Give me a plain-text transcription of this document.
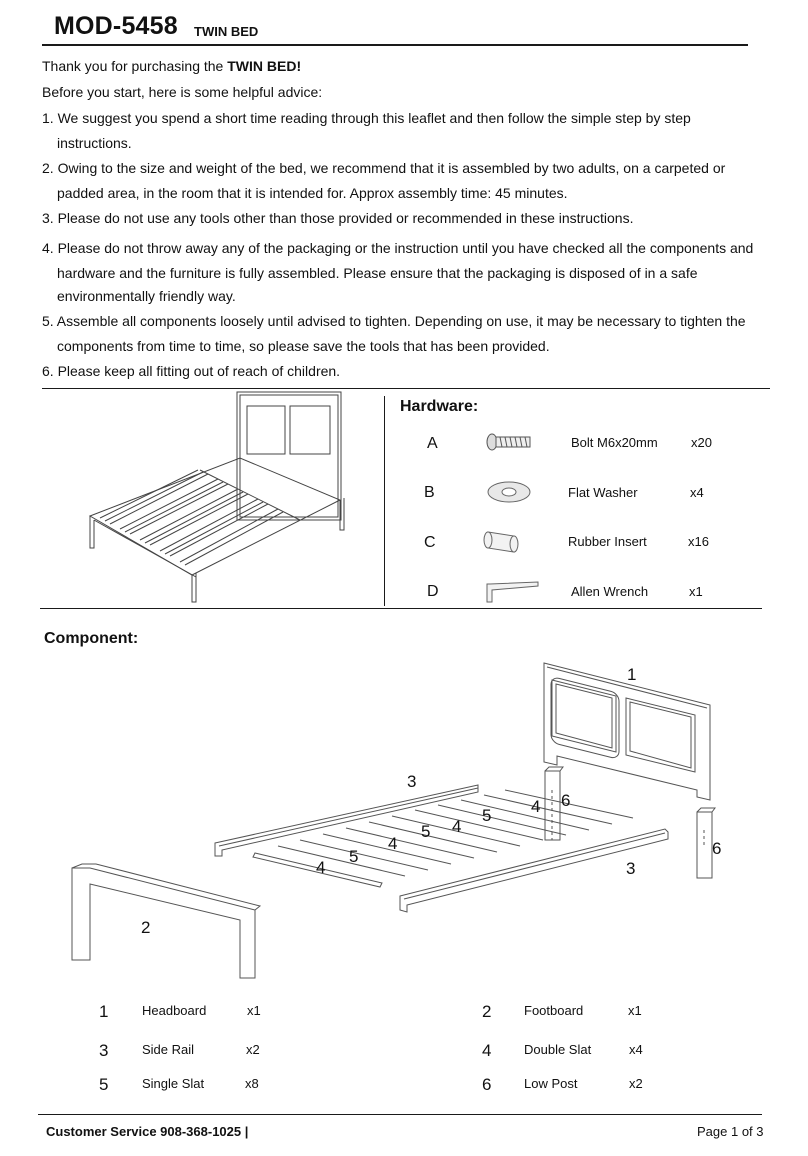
MOD-5458 TWIN BED
Thank you for purchasing the TWIN BED!
Before you start, here is some helpful advice:
1. We suggest you spend a short time reading through this leaflet and then follow the simple step by step
instructions.
2. Owing to the size and weight of the bed, we recommend that it is assembled by two adults, on a carpeted or
padded area, in the room that it is intended for. Approx assembly time: 45 minutes.
3. Please do not use any tools other than those provided or recommended in these instructions.
4. Please do not throw away any of the packaging or the instruction until you have checked all the components and
hardware and the furniture is fully assembled. Please ensure that the packaging is disposed of in a safe
environmentally friendly way.
5. Assemble all components loosely until advised to tighten. Depending on use, it may be necessary to tighten the
components from time to time, so please save the tools that has been provided.
6. Please keep all fitting out of reach of children.
Hardware:
A	Bolt M6x20mm	x20
B	Flat Washer	x4
C	Rubber Insert	x16
D	Allen Wrench	x1
Component:
1
2
3
3
4
4
4
4
5
5
5
6
6
1	Headboard	x1	2	Footboard	x1
3	Side Rail	x2	4	Double Slat	x4
5	Single Slat	x8	6	Low Post	x2
Customer Service 908-368-1025 |	Page 1 of 3
